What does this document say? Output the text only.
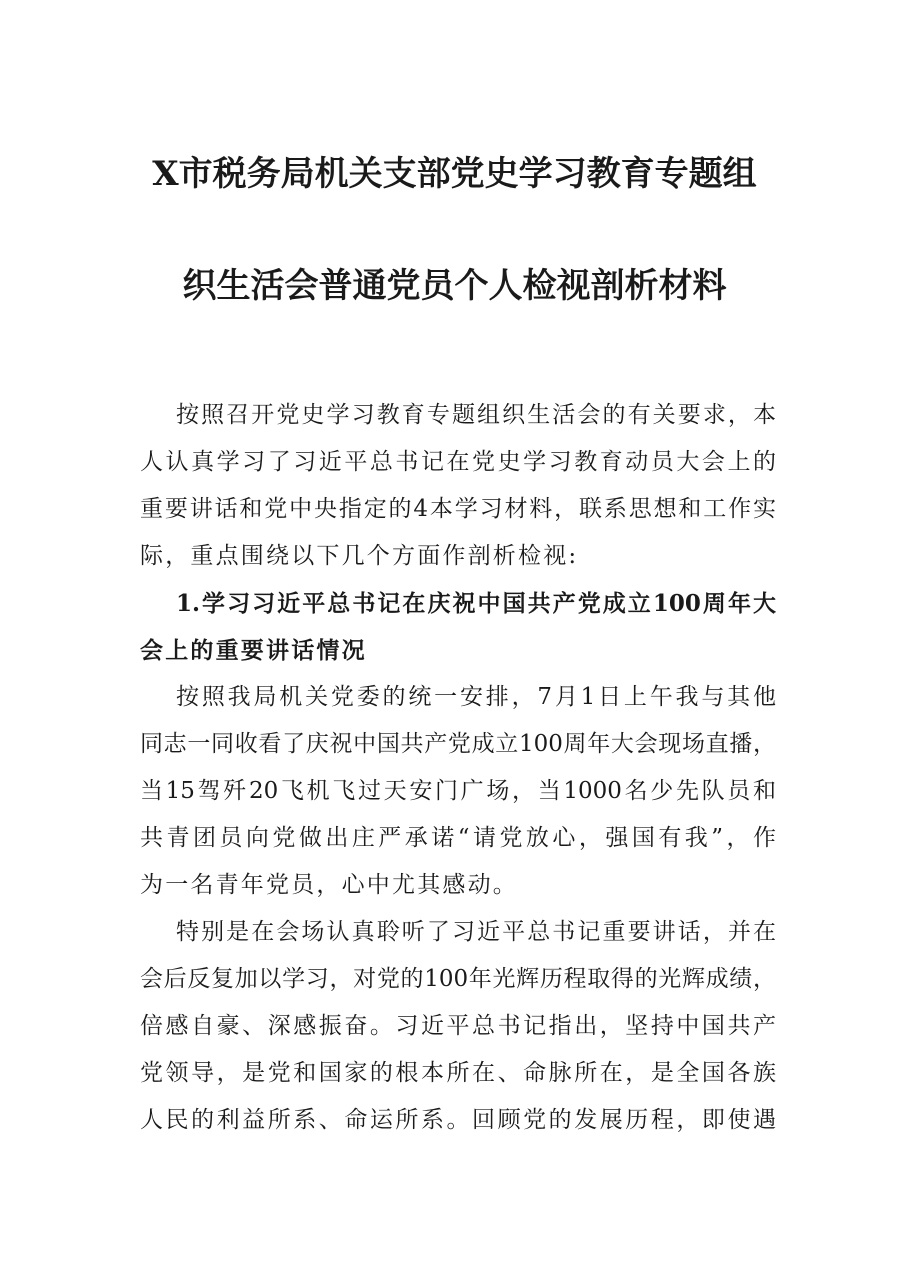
X市税务局机关支部党史学习教育专题组
织生活会普通党员个人检视剖析材料
按照召开党史学习教育专题组织生活会的有关要求，本
人认真学习了习近平总书记在党史学习教育动员大会上的
重要讲话和党中央指定的4本学习材料，联系思想和工作实
际，重点围绕以下几个方面作剖析检视:
1.学习习近平总书记在庆祝中国共产党成立100周年大
会上的重要讲话情况
按照我局机关党委的统一安排，7月1日上午我与其他
同志一同收看了庆祝中国共产党成立100周年大会现场直播，
当15驾歼20飞机飞过天安门广场，当1000名少先队员和
共青团员向党做出庄严承诺“请党放心，强国有我”，作
为一名青年党员，心中尤其感动。
特别是在会场认真聆听了习近平总书记重要讲话，并在
会后反复加以学习，对党的100年光辉历程取得的光辉成绩，
倍感自豪、深感振奋。习近平总书记指出，坚持中国共产
党领导，是党和国家的根本所在、命脉所在，是全国各族
人民的利益所系、命运所系。回顾党的发展历程，即使遇
